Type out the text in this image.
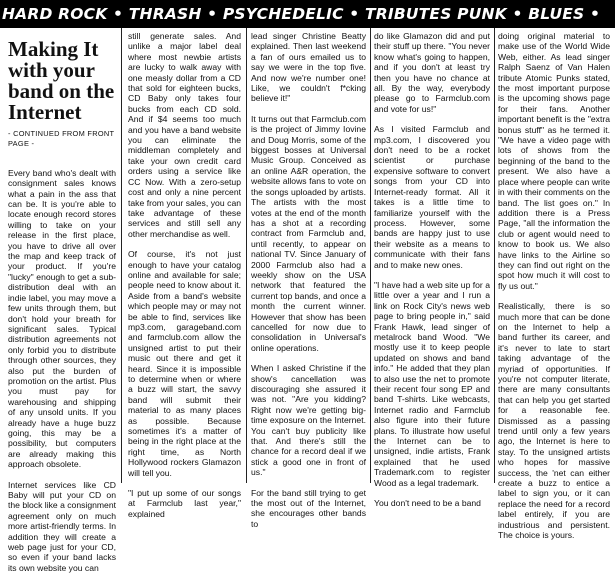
HARD ROCK • THRASH • PSYCHEDELIC • TRIBUTES PUNK • BLUES •
Making It with your band on the Internet
- CONTINUED FROM FRONT PAGE -

Every band who's dealt with consignment sales knows what a pain in the ass that can be. It is you're able to locate enough record stores willing to take on your release in the first place, you have to drive all over the map and keep track of your product. If you're "lucky" enough to get a sub-distribution deal with an indie label, you may move a few units through them, but don't hold your breath for significant sales. Typical distribution agreements not only forbid you to distribute through other sources, they also put the burden of promotion on the artist. Plus you must pay for warehousing and shipping of any unsold units. If you already have a huge buzz going, this may be a possibility, but computers are already making this approach obsolete.

Internet services like CD Baby will put your CD on the block like a consignment agreement only on much more artist-friendly terms. In addition they will create a web page just for your CD, so even if your band lacks its own website you can

still generate sales. And unlike a major label deal where most newbie artists are lucky to walk away with one measly dollar from a CD that sold for eighteen bucks, CD Baby only takes four bucks from each CD sold. And if $4 seems too much and you have a band website you can eliminate the middleman completely and take your own credit card orders using a service like CC Now. With a zero-setup cost and only a nine percent take from your sales, you can take advantage of these services and still sell any other merchandise as well.

Of course, it's not just enough to have your catalog online and available for sale; people need to know about it. Aside from a band's website which people may or may not be able to find, services like mp3.com, garageband.com and farmclub.com allow the unsigned artist to put their music out there and get it heard. Since it is impossible to determine when or where a buzz will start, the savvy band will submit their material to as many places as possible. Because sometimes it's a matter of being in the right place at the right time, as North Hollywood rockers Glamazon will tell you.

"I put up some of our songs at Farmclub last year," explained

lead singer Christine Beatty explained. Then last weekend a fan of ours emailed us to say we were in the top five. And now we're number one! Like, we couldn't f*cking believe it!"

It turns out that Farmclub.com is the project of Jimmy Iovine and Doug Morris, some of the biggest bosses at Universal Music Group. Conceived as an online A&R operation, the website allows fans to vote on the songs uploaded by artists. The artists with the most votes at the end of the month has a shot at a recording contract from Farmclub and, until recently, to appear on national TV. Since January of 2000 Farmclub also had a weekly show on the USA network that featured the current top bands, and once a month the current winner. However that show has been cancelled for now due to consolidation in Universal's online operations.

When I asked Christine if the show's cancellation was discouraging she assured it was not. "Are you kidding? Right now we're getting big-time exposure on the Internet. You can't buy publicity like that. And there's still the chance for a record deal if we stick a good one in front of us."

For the band still trying to get the most out of the Internet, she encourages other bands to

do like Glamazon did and put their stuff up there. "You never know what's going to happen, and if you don't at least try then you have no chance at all. By the way, everybody please go to Farmclub.com and vote for us!"

As I visited Farmclub and mp3.com, I discovered you don't need to be a rocket scientist or purchase expensive software to convert songs from your CD into Internet-ready format. All it takes is a little time to familiarize yourself with the process. However, some bands are happy just to use their website as a means to communicate with their fans and to make new ones.

"I have had a web site up for a little over a year and I run a link on Rock City's news web page to bring people in," said Frank Hawk, lead singer of metalrock band Wood. "We mostly use it to keep people updated on shows and band info." He added that they plan to also use the net to promote their recent four song EP and band T-shirts. Like webcasts, Internet radio and Farmclub also figure into their future plans. To illustrate how useful the Internet can be to unsigned, indie artists, Frank explained that he used Trademark.com to register Wood as a legal trademark.

You don't need to be a band

doing original material to make use of the World Wide Web, either. As lead singer Ralph Saenz of Van Halen tribute Atomic Punks stated, the most important purpose is the upcoming shows page for their fans. Another important benefit is the "extra bonus stuff" as he termed it. "We have a video page with lots of shows from the beginning of the band to the present. We also have a place where people can write in with their comments on the band. The list goes on." In addition there is a Press Page, "all the information the club or agent would need to know to book us. We also have links to the Airline so they can find out right on the spot how much it will cost to fly us out."

Realistically, there is so much more that can be done on the Internet to help a band further its career, and it's never to late to start taking advantage of the myriad of opportunities. If you're not computer literate, there are many consultants that can help you get started for a reasonable fee. Dismissed as a passing trend until only a few years ago, the Internet is here to stay. To the unsigned artists who hopes for massive success, the 'net can either create a buzz to entice a label to sign you, or it can replace the need for a record label entirely, if you are industrious and persistent. The choice is yours.
